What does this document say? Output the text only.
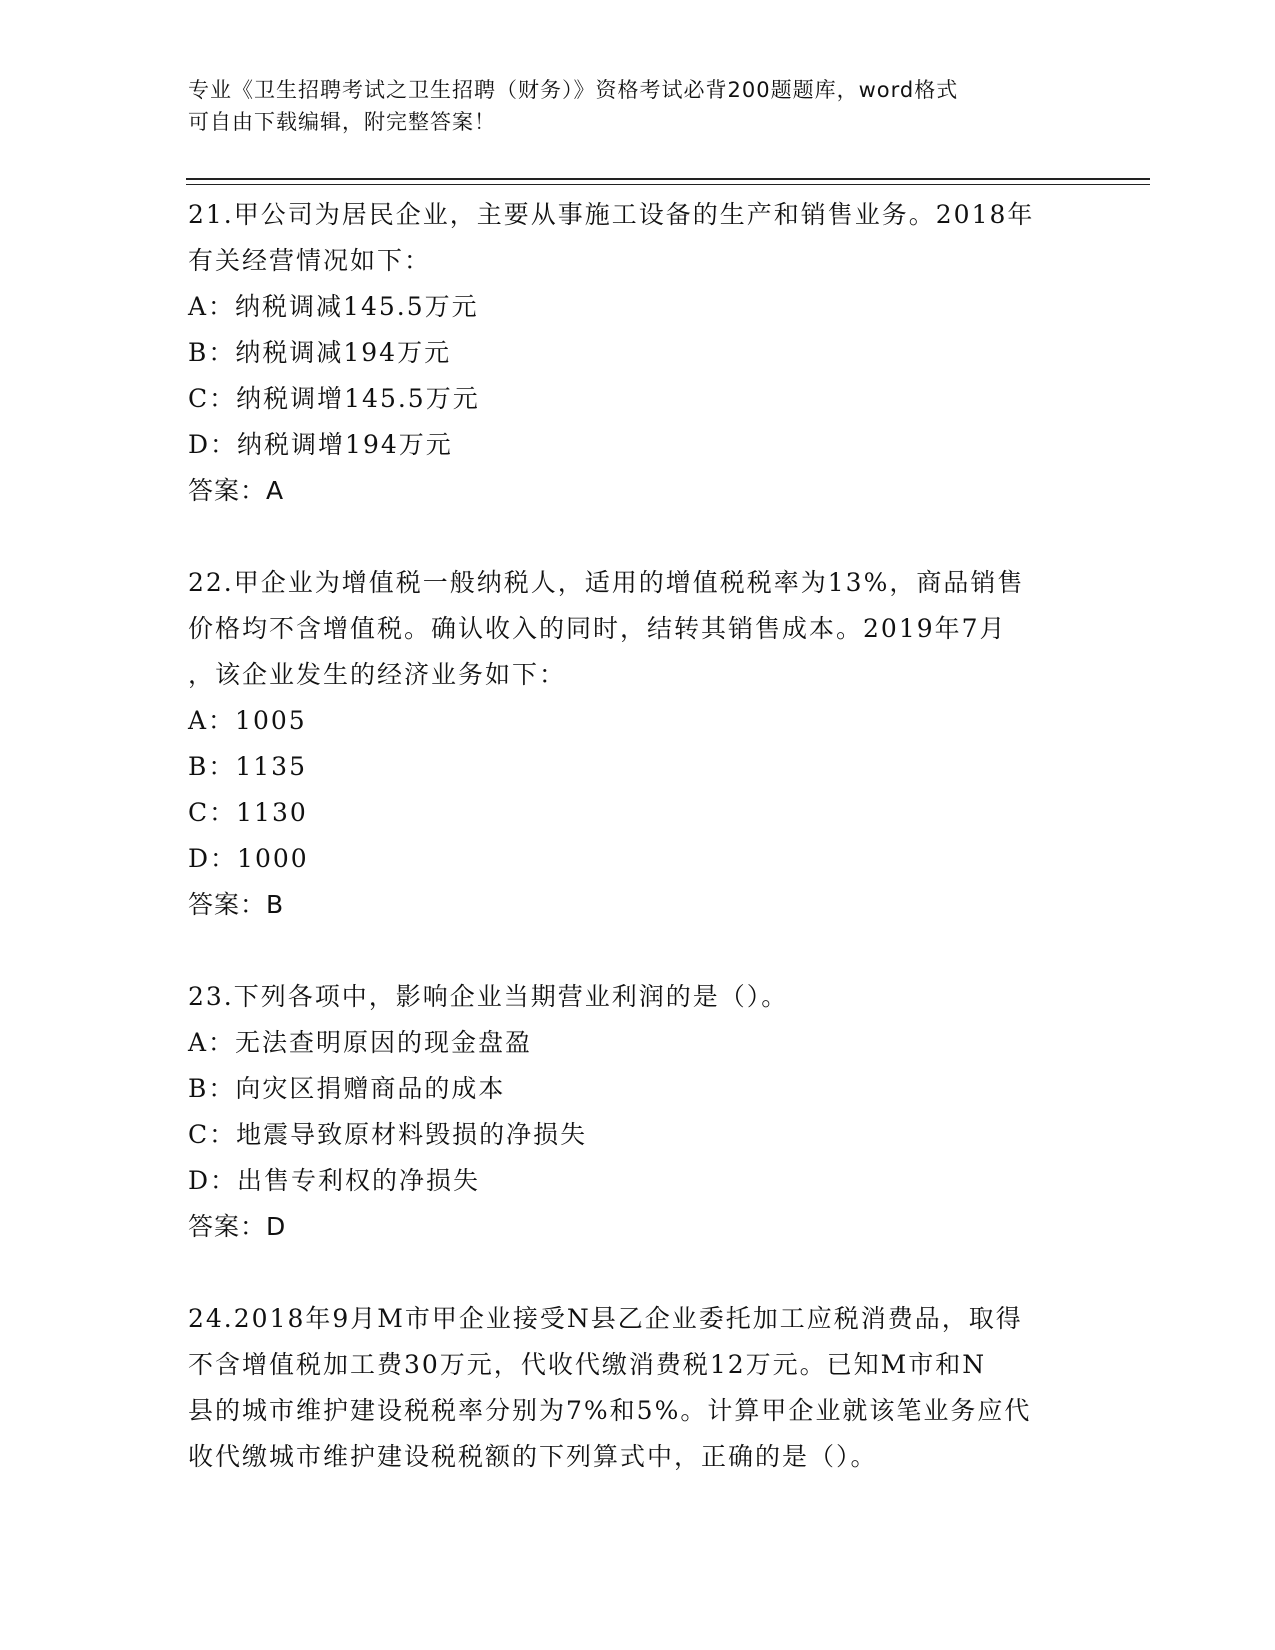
专业《卫生招聘考试之卫生招聘（财务）》资格考试必背200题题库，word格式
可自由下载编辑，附完整答案！
21.甲公司为居民企业，主要从事施工设备的生产和销售业务。2018年
有关经营情况如下：
A：纳税调减145.5万元
B：纳税调减194万元
C：纳税调增145.5万元
D：纳税调增194万元
答案：A
22.甲企业为增值税一般纳税人，适用的增值税税率为13%，商品销售
价格均不含增值税。确认收入的同时，结转其销售成本。2019年7月
，该企业发生的经济业务如下：
A：1005
B：1135
C：1130
D：1000
答案：B
23.下列各项中，影响企业当期营业利润的是（）。
A：无法查明原因的现金盘盈
B：向灾区捐赠商品的成本
C：地震导致原材料毁损的净损失
D：出售专利权的净损失
答案：D
24.2018年9月M市甲企业接受N县乙企业委托加工应税消费品，取得
不含增值税加工费30万元，代收代缴消费税12万元。已知M市和N
县的城市维护建设税税率分别为7%和5%。计算甲企业就该笔业务应代
收代缴城市维护建设税税额的下列算式中，正确的是（）。
